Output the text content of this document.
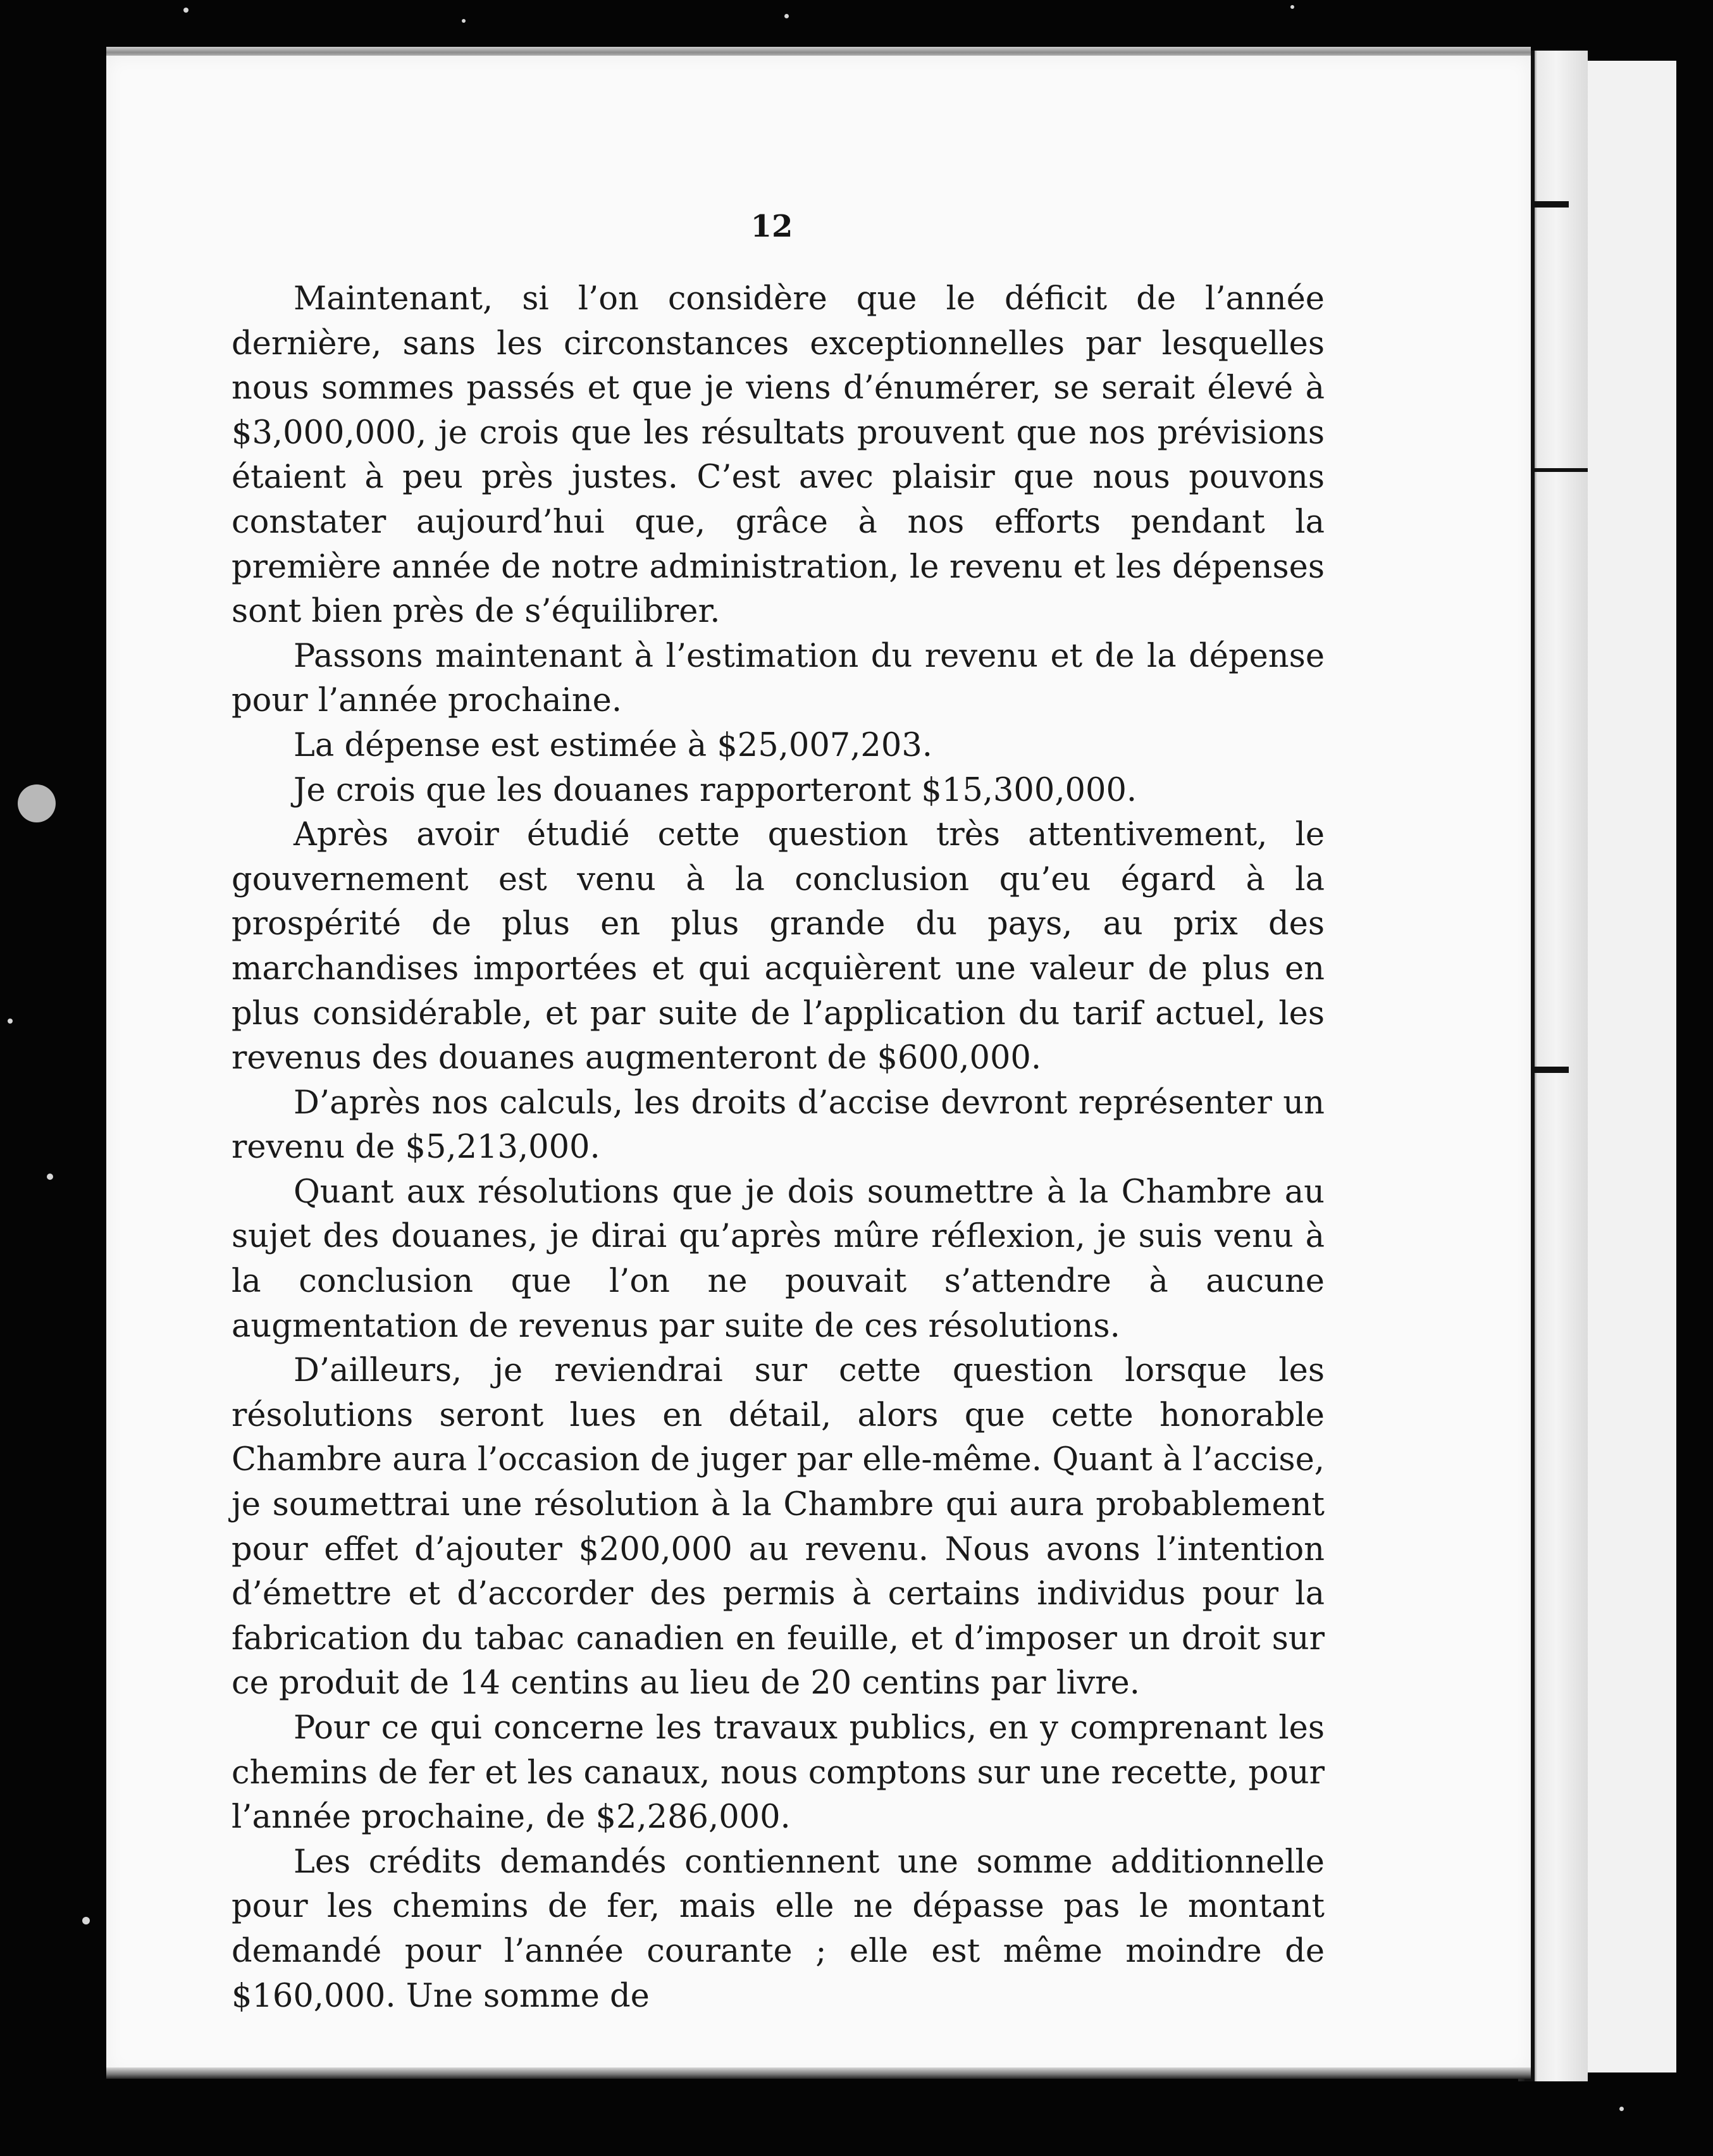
12

Maintenant, si l’on considère que le déficit de l’année dernière, sans les circonstances exceptionnelles par lesquelles nous sommes passés et que je viens d’énumérer, se serait élevé à $3,000,000, je crois que les résultats prouvent que nos prévisions étaient à peu près justes. C’est avec plaisir que nous pouvons constater aujourd’hui que, grâce à nos efforts pendant la première année de notre administration, le revenu et les dépenses sont bien près de s’équilibrer.

Passons maintenant à l’estimation du revenu et de la dépense pour l’année prochaine.

La dépense est estimée à $25,007,203.

Je crois que les douanes rapporteront $15,300,000.

Après avoir étudié cette question très attentivement, le gouvernement est venu à la conclusion qu’eu égard à la prospérité de plus en plus grande du pays, au prix des marchandises importées et qui acquièrent une valeur de plus en plus considérable, et par suite de l’application du tarif actuel, les revenus des douanes augmenteront de $600,000.

D’après nos calculs, les droits d’accise devront représenter un revenu de $5,213,000.

Quant aux résolutions que je dois soumettre à la Chambre au sujet des douanes, je dirai qu’après mûre réflexion, je suis venu à la conclusion que l’on ne pouvait s’attendre à aucune augmentation de revenus par suite de ces résolutions.

D’ailleurs, je reviendrai sur cette question lorsque les résolutions seront lues en détail, alors que cette honorable Chambre aura l’occasion de juger par elle-même. Quant à l’accise, je soumettrai une résolution à la Chambre qui aura probablement pour effet d’ajouter $200,000 au revenu. Nous avons l’intention d’émettre et d’accorder des permis à certains individus pour la fabrication du tabac canadien en feuille, et d’imposer un droit sur ce produit de 14 centins au lieu de 20 centins par livre.

Pour ce qui concerne les travaux publics, en y comprenant les chemins de fer et les canaux, nous comptons sur une recette, pour l’année prochaine, de $2,286,000.

Les crédits demandés contiennent une somme additionnelle pour les chemins de fer, mais elle ne dépasse pas le montant demandé pour l’année courante ; elle est même moindre de $160,000. Une somme de
